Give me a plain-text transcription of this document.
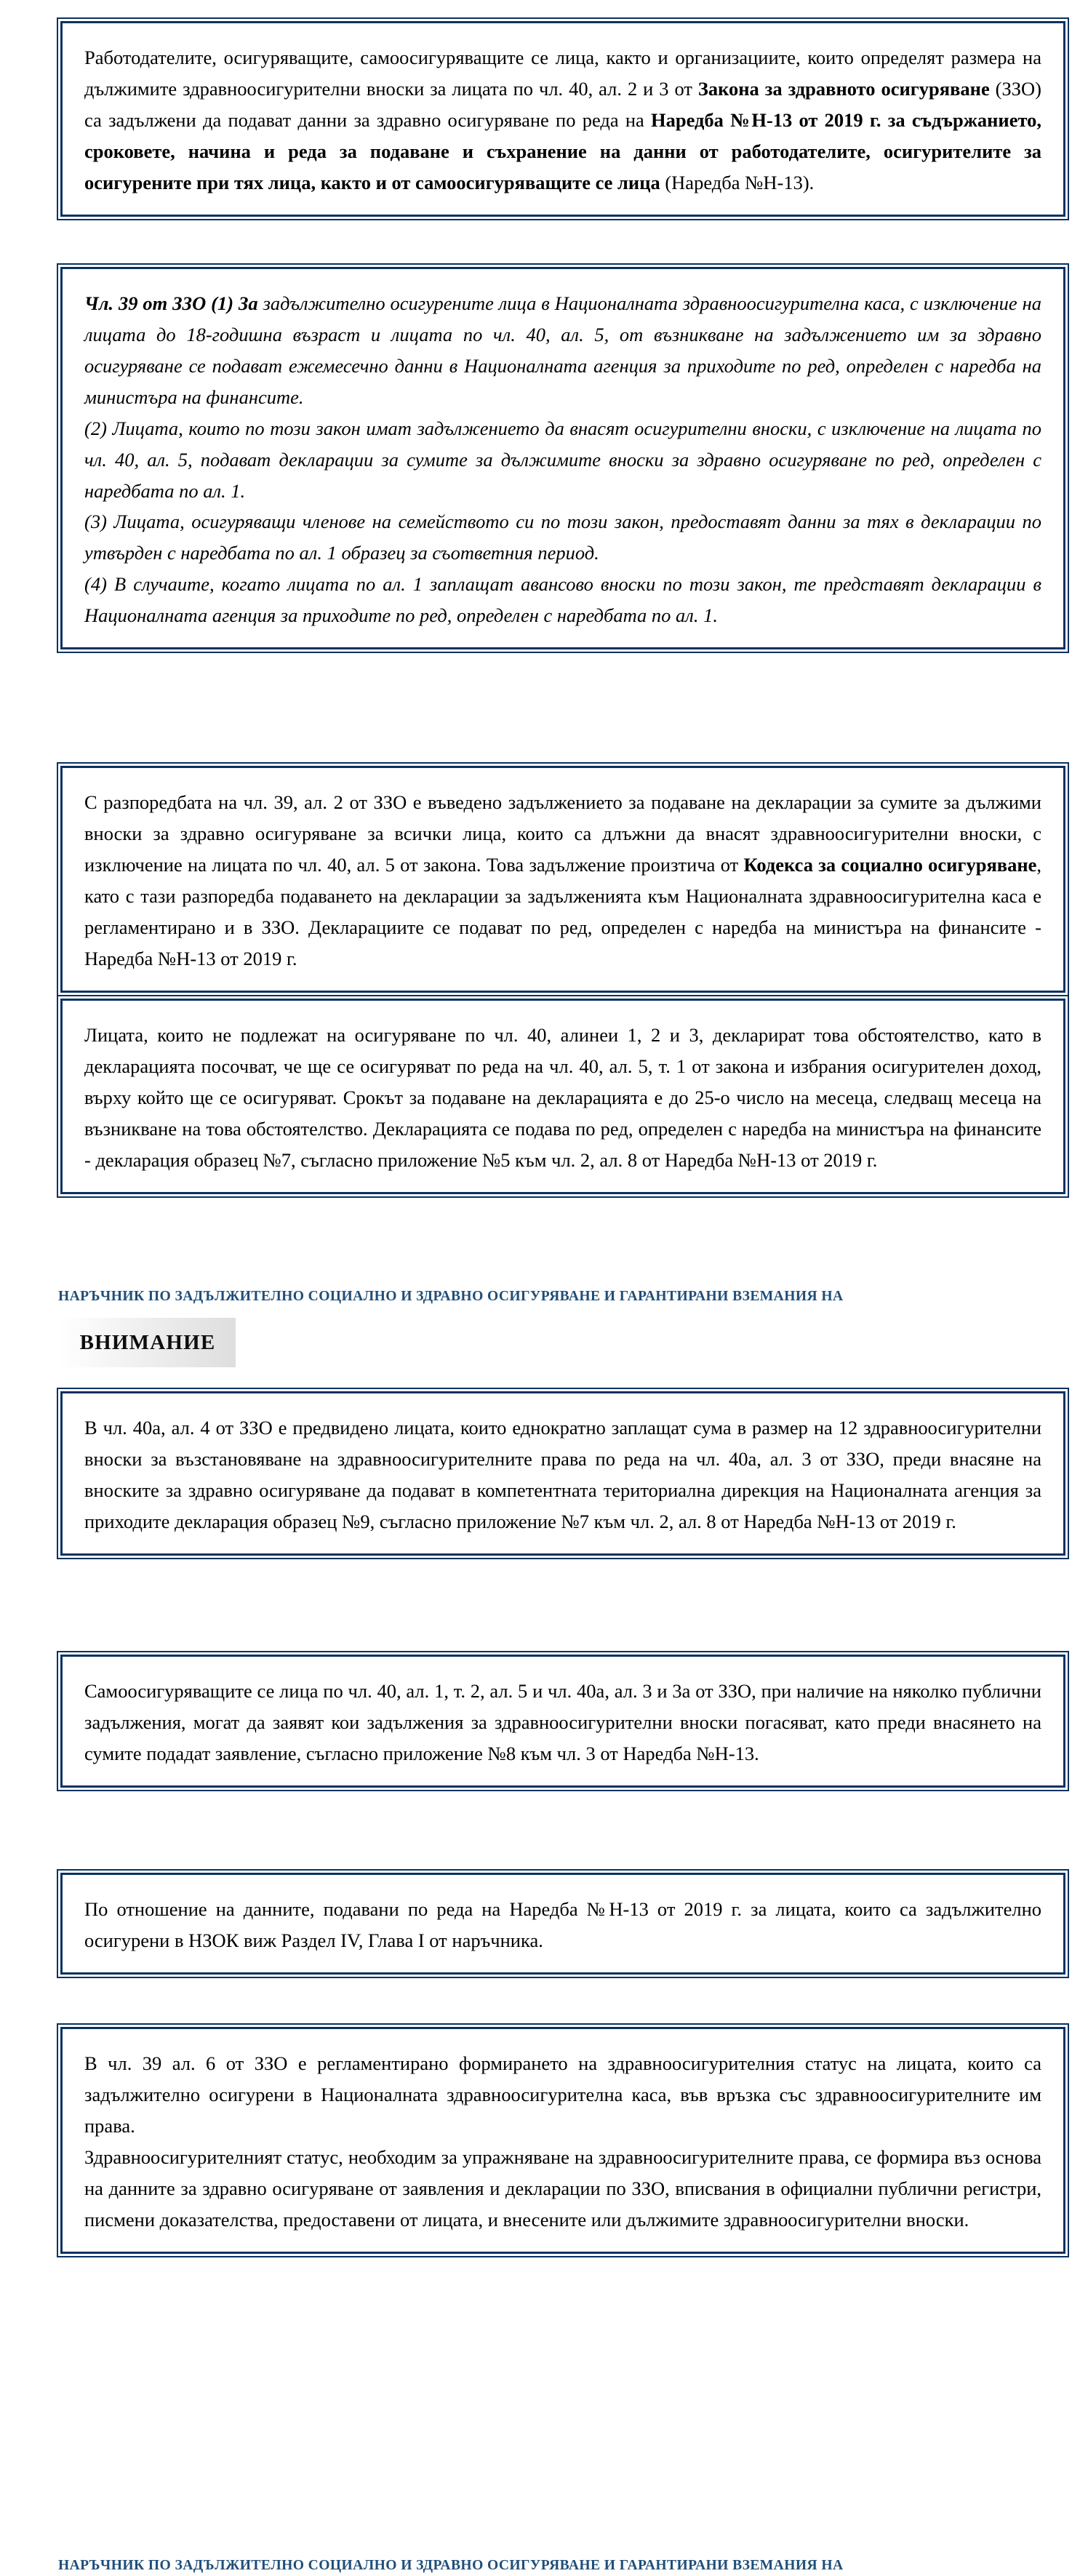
Работодателите, осигуряващите, самоосигуряващите се лица, както и организациите, които определят размера на дължимите здравноосигурителни вноски за лицата по чл. 40, ал. 2 и 3 от Закона за здравното осигуряване (ЗЗО) са задължени да подават данни за здравно осигуряване по реда на Наредба №Н-13 от 2019 г. за съдържанието, сроковете, начина и реда за подаване и съхранение на данни от работодателите, осигурителите за осигурените при тях лица, както и от самоосигуряващите се лица (Наредба №Н-13).

Чл. 39 от ЗЗО (1) За задължително осигурените лица в Националната здравноосигурителна каса, с изключение на лицата до 18-годишна възраст и лицата по чл. 40, ал. 5, от възникване на задължението им за здравно осигуряване се подават ежемесечно данни в Националната агенция за приходите по ред, определен с наредба на министъра на финансите.

(2) Лицата, които по този закон имат задължението да внасят осигурителни вноски, с изключение на лицата по чл. 40, ал. 5, подават декларации за сумите за дължимите вноски за здравно осигуряване по ред, определен с наредбата по ал. 1.

(3) Лицата, осигуряващи членове на семейството си по този закон, предоставят данни за тях в декларации по утвърден с наредбата по ал. 1 образец за съответния период.

(4) В случаите, когато лицата по ал. 1 заплащат авансово вноски по този закон, те представят декларации в Националната агенция за приходите по ред, определен с наредбата по ал. 1.

С разпоредбата на чл. 39, ал. 2 от ЗЗО е въведено задължението за подаване на декларации за сумите за дължими вноски за здравно осигуряване за всички лица, които са длъжни да внасят здравноосигурителни вноски, с изключение на лицата по чл. 40, ал. 5 от закона. Това задължение произтича от Кодекса за социално осигуряване, като с тази разпоредба подаването на декларации за задълженията към Националната здравноосигурителна каса е регламентирано и в ЗЗО. Декларациите се подават по ред, определен с наредба на министъра на финансите - Наредба №Н-13 от 2019 г.

Лицата, които не подлежат на осигуряване по чл. 40, алинеи 1, 2 и 3, декларират това обстоятелство, като в декларацията посочват, че ще се осигуряват по реда на чл. 40, ал. 5, т. 1 от закона и избрания осигурителен доход, върху който ще се осигуряват. Срокът за подаване на декларацията е до 25-о число на месеца, следващ месеца на възникване на това обстоятелство. Декларацията се подава по ред, определен с наредба на министъра на финансите - декларация образец №7, съгласно приложение №5 към чл. 2, ал. 8 от Наредба №Н-13 от 2019 г.

НАРЪЧНИК ПО ЗАДЪЛЖИТЕЛНО СОЦИАЛНО И ЗДРАВНО ОСИГУРЯВАНЕ И ГАРАНТИРАНИ ВЗЕМАНИЯ НА
ВНИМАНИЕ

В чл. 40а, ал. 4 от ЗЗО е предвидено лицата, които еднократно заплащат сума в размер на 12 здравноосигурителни вноски за възстановяване на здравноосигурителните права по реда на чл. 40а, ал. 3 от ЗЗО, преди внасяне на вноските за здравно осигуряване да подават в компетентната териториална дирекция на Националната агенция за приходите декларация образец №9, съгласно приложение №7 към чл. 2, ал. 8 от Наредба №Н-13 от 2019 г.

Самоосигуряващите се лица по чл. 40, ал. 1, т. 2, ал. 5 и чл. 40а, ал. 3 и 3а от ЗЗО, при наличие на няколко публични задължения, могат да заявят кои задължения за здравноосигурителни вноски погасяват, като преди внасянето на сумите подадат заявление, съгласно приложение №8 към чл. 3 от Наредба №Н-13.

По отношение на данните, подавани по реда на Наредба №Н-13 от 2019 г. за лицата, които са задължително осигурени в НЗОК виж Раздел IV, Глава I от наръчника.

В чл. 39 ал. 6 от ЗЗО е регламентирано формирането на здравноосигурителния статус на лицата, които са задължително осигурени в Националната здравноосигурителна каса, във връзка със здравноосигурителните им права.

Здравноосигурителният статус, необходим за упражняване на здравноосигурителните права, се формира въз основа на данните за здравно осигуряване от заявления и декларации по ЗЗО, вписвания в официални публични регистри, писмени доказателства, предоставени от лицата, и внесените или дължимите здравноосигурителни вноски.

НАРЪЧНИК ПО ЗАДЪЛЖИТЕЛНО СОЦИАЛНО И ЗДРАВНО ОСИГУРЯВАНЕ И ГАРАНТИРАНИ ВЗЕМАНИЯ НА
